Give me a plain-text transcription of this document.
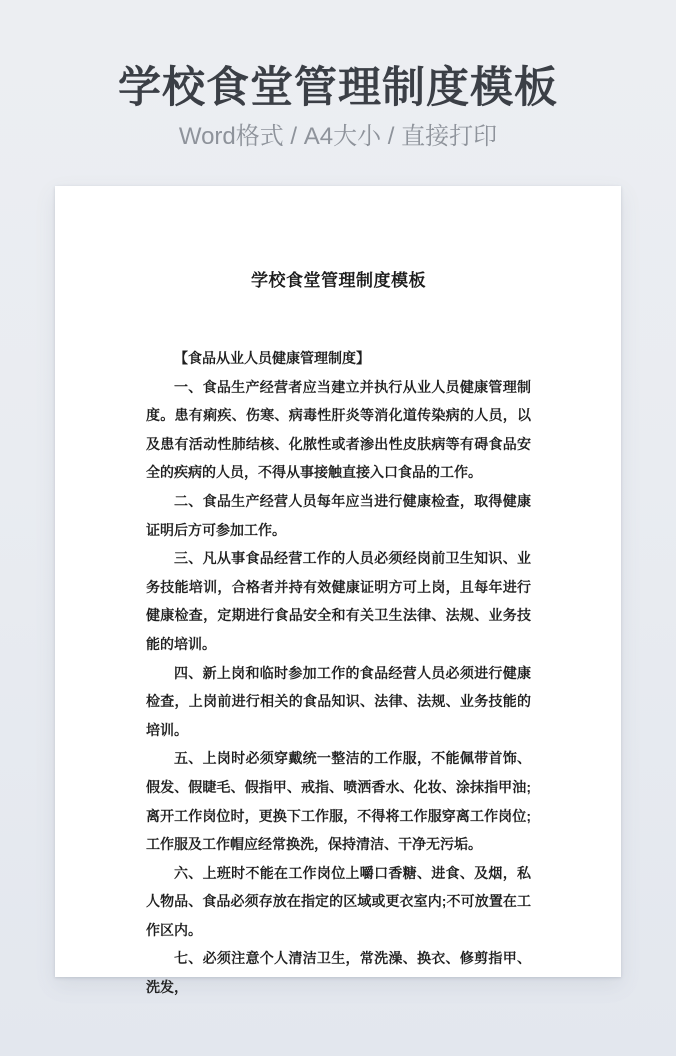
学校食堂管理制度模板

Word格式 / A4大小 / 直接打印

学校食堂管理制度模板

【食品从业人员健康管理制度】

一、食品生产经营者应当建立并执行从业人员健康管理制度。患有痢疾、伤寒、病毒性肝炎等消化道传染病的人员，以及患有活动性肺结核、化脓性或者渗出性皮肤病等有碍食品安全的疾病的人员，不得从事接触直接入口食品的工作。

二、食品生产经营人员每年应当进行健康检查，取得健康证明后方可参加工作。

三、凡从事食品经营工作的人员必须经岗前卫生知识、业务技能培训，合格者并持有效健康证明方可上岗，且每年进行健康检查，定期进行食品安全和有关卫生法律、法规、业务技能的培训。

四、新上岗和临时参加工作的食品经营人员必须进行健康检查，上岗前进行相关的食品知识、法律、法规、业务技能的培训。

五、上岗时必须穿戴统一整洁的工作服，不能佩带首饰、假发、假睫毛、假指甲、戒指、喷洒香水、化妆、涂抹指甲油;离开工作岗位时，更换下工作服，不得将工作服穿离工作岗位;工作服及工作帽应经常换洗，保持清洁、干净无污垢。

六、上班时不能在工作岗位上嚼口香糖、进食、及烟，私人物品、食品必须存放在指定的区域或更衣室内;不可放置在工作区内。

七、必须注意个人清洁卫生，常洗澡、换衣、修剪指甲、洗发，
